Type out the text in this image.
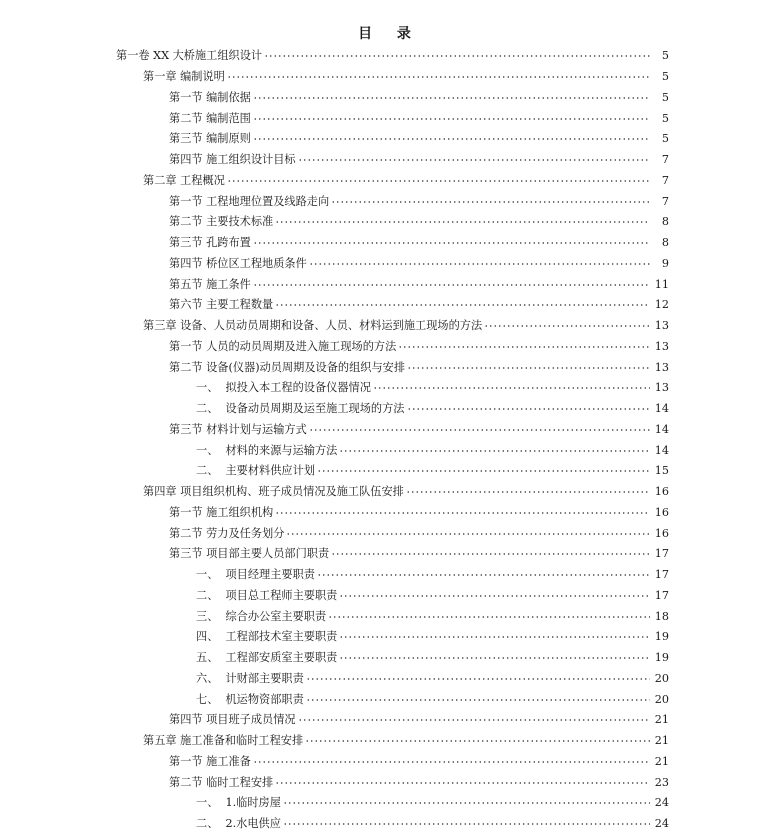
目 录
第一卷 XX 大桥施工组织设计	5
第一章 编制说明	5
第一节 编制依据	5
第二节 编制范围	5
第三节 编制原则	5
第四节 施工组织设计目标	7
第二章 工程概况	7
第一节 工程地理位置及线路走向	7
第二节 主要技术标准	8
第三节 孔跨布置	8
第四节 桥位区工程地质条件	9
第五节 施工条件	11
第六节 主要工程数量	12
第三章 设备、人员动员周期和设备、人员、材料运到施工现场的方法	13
第一节 人员的动员周期及进入施工现场的方法	13
第二节 设备(仪器)动员周期及设备的组织与安排	13
一、  拟投入本工程的设备仪器情况	13
二、  设备动员周期及运至施工现场的方法	14
第三节 材料计划与运输方式	14
一、  材料的来源与运输方法	14
二、  主要材料供应计划	15
第四章 项目组织机构、班子成员情况及施工队伍安排	16
第一节 施工组织机构	16
第二节 劳力及任务划分	16
第三节 项目部主要人员部门职责	17
一、  项目经理主要职责	17
二、  项目总工程师主要职责	17
三、  综合办公室主要职责	18
四、  工程部技术室主要职责	19
五、  工程部安质室主要职责	19
六、  计财部主要职责	20
七、  机运物资部职责	20
第四节 项目班子成员情况	21
第五章 施工准备和临时工程安排	21
第一节 施工准备	21
第二节 临时工程安排	23
一、  1.临时房屋	24
二、  2.水电供应	24
